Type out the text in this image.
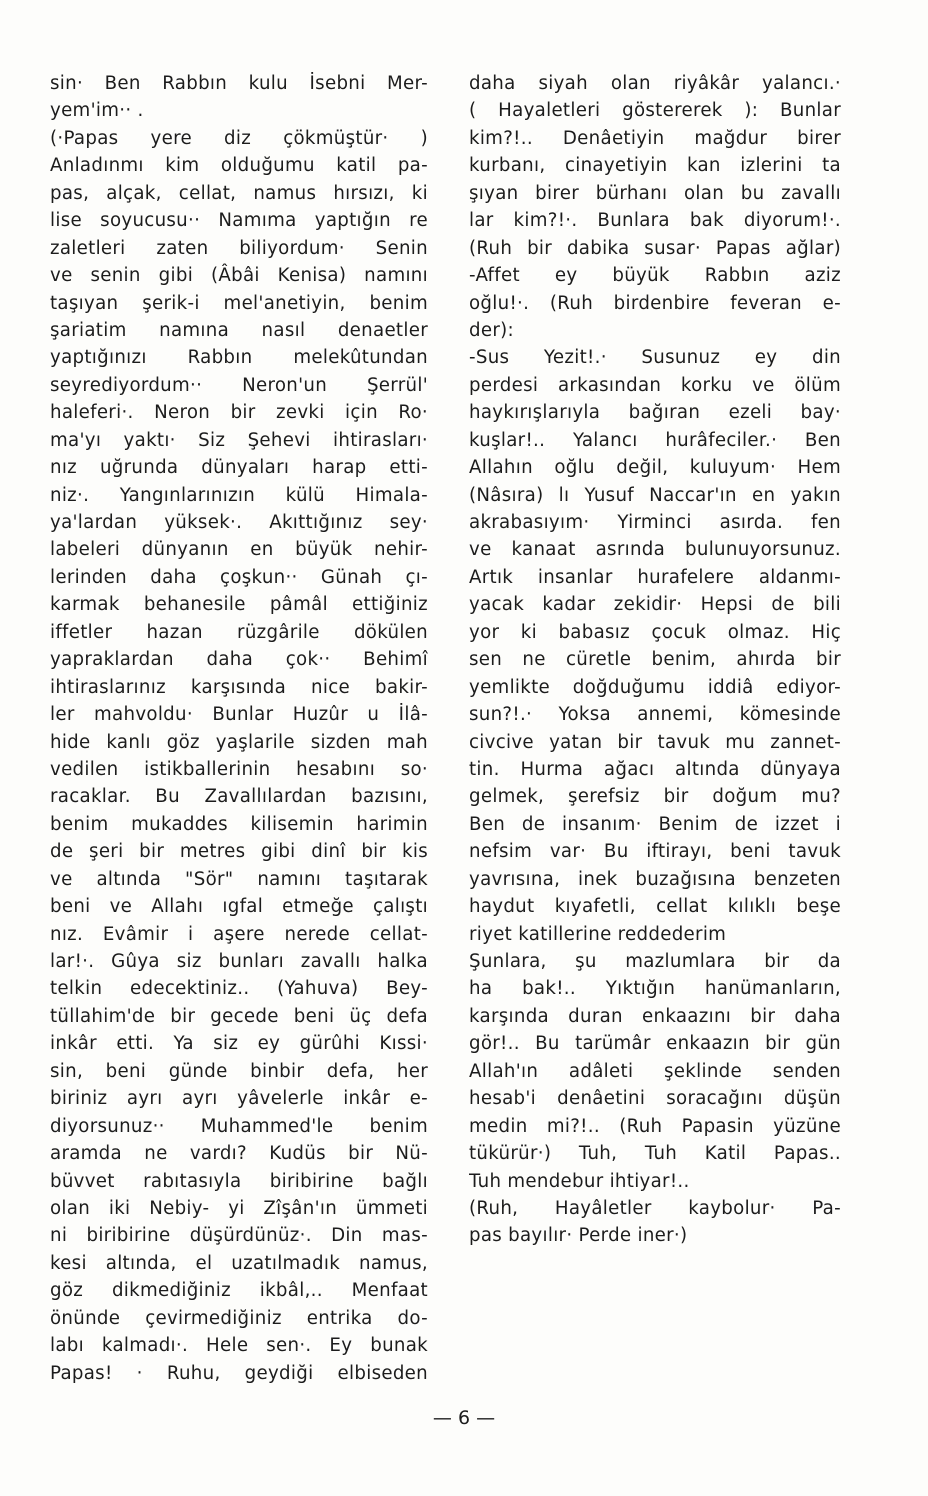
sin· Ben Rabbın kulu İsebni Mer-
yem'im·· .
(·Papas yere diz çökmüştür· )
Anladınmı kim olduğumu katil pa-
pas, alçak, cellat, namus hırsızı, ki
lise soyucusu·· Namıma yaptığın re
zaletleri zaten biliyordum· Senin
ve senin gibi (Âbâi Kenisa) namını
taşıyan şerik-i mel'anetiyin, benim
şariatim namına nasıl denaetler
yaptığınızı Rabbın melekûtundan
seyrediyordum·· Neron'un Şerrül'
haleferi·. Neron bir zevki için Ro·
ma'yı yaktı· Siz Şehevi ihtirasları·
nız uğrunda dünyaları harap etti-
niz·. Yangınlarınızın külü Himala-
ya'lardan yüksek·. Akıttığınız sey·
labeleri dünyanın en büyük nehir-
lerinden daha çoşkun·· Günah çı-
karmak behanesile pâmâl ettiğiniz
iffetler hazan rüzgârile dökülen
yapraklardan daha çok·· Behimî
ihtiraslarınız karşısında nice bakir-
ler mahvoldu· Bunlar Huzûr u İlâ-
hide kanlı göz yaşlarile sizden mah
vedilen istikballerinin hesabını so·
racaklar. Bu Zavallılardan bazısını,
benim mukaddes kilisemin harimin
de şeri bir metres gibi dinî bir kis
ve altında "Sör" namını taşıtarak
beni ve Allahı ıgfal etmeğe çalıştı
nız. Evâmir i aşere nerede cellat-
lar!·. Gûya siz bunları zavallı halka
telkin edecektiniz.. (Yahuva) Bey-
tüllahim'de bir gecede beni üç defa
inkâr etti. Ya siz ey gürûhi Kıssi·
sin, beni günde binbir defa, her
biriniz ayrı ayrı yâvelerle inkâr e-
diyorsunuz·· Muhammed'le benim
aramda ne vardı? Kudüs bir Nü-
büvvet rabıtasıyla biribirine bağlı
olan iki Nebiy- yi Zîşân'ın ümmeti
ni biribirine düşürdünüz·. Din mas-
kesi altında, el uzatılmadık namus,
göz dikmediğiniz ikbâl,.. Menfaat
önünde çevirmediğiniz entrika do-
labı kalmadı·. Hele sen·. Ey bunak
Papas! · Ruhu, geydiği elbiseden
daha siyah olan riyâkâr yalancı.·
( Hayaletleri göstererek ): Bunlar
kim?!.. Denâetiyin mağdur birer
kurbanı, cinayetiyin kan izlerini ta
şıyan birer bürhanı olan bu zavallı
lar kim?!·. Bunlara bak diyorum!·.
(Ruh bir dabika susar· Papas ağlar)
-Affet ey büyük Rabbın aziz
oğlu!·. (Ruh birdenbire feveran e-
der):
-Sus Yezit!.· Susunuz ey din
perdesi arkasından korku ve ölüm
haykırışlarıyla bağıran ezeli bay·
kuşlar!.. Yalancı hurâfeciler.· Ben
Allahın oğlu değil, kuluyum· Hem
(Nâsıra) lı Yusuf Naccar'ın en yakın
akrabasıyım· Yirminci asırda. fen
ve kanaat asrında bulunuyorsunuz.
Artık insanlar hurafelere aldanmı-
yacak kadar zekidir· Hepsi de bili
yor ki babasız çocuk olmaz. Hiç
sen ne cüretle benim, ahırda bir
yemlikte doğduğumu iddiâ ediyor-
sun?!.· Yoksa annemi, kömesinde
civcive yatan bir tavuk mu zannet-
tin. Hurma ağacı altında dünyaya
gelmek, şerefsiz bir doğum mu?
Ben de insanım· Benim de izzet i
nefsim var· Bu iftirayı, beni tavuk
yavrısına, inek buzağısına benzeten
haydut kıyafetli, cellat kılıklı beşe
riyet katillerine reddederim
Şunlara, şu mazlumlara bir da
ha bak!.. Yıktığın hanümanların,
karşında duran enkaazını bir daha
gör!.. Bu tarümâr enkaazın bir gün
Allah'ın adâleti şeklinde senden
hesab'i denâetini soracağını düşün
medin mi?!.. (Ruh Papasin yüzüne
tükürür·) Tuh, Tuh Katil Papas..
Tuh mendebur ihtiyar!..
(Ruh, Hayâletler kaybolur· Pa-
pas bayılır· Perde iner·)
— 6 —
